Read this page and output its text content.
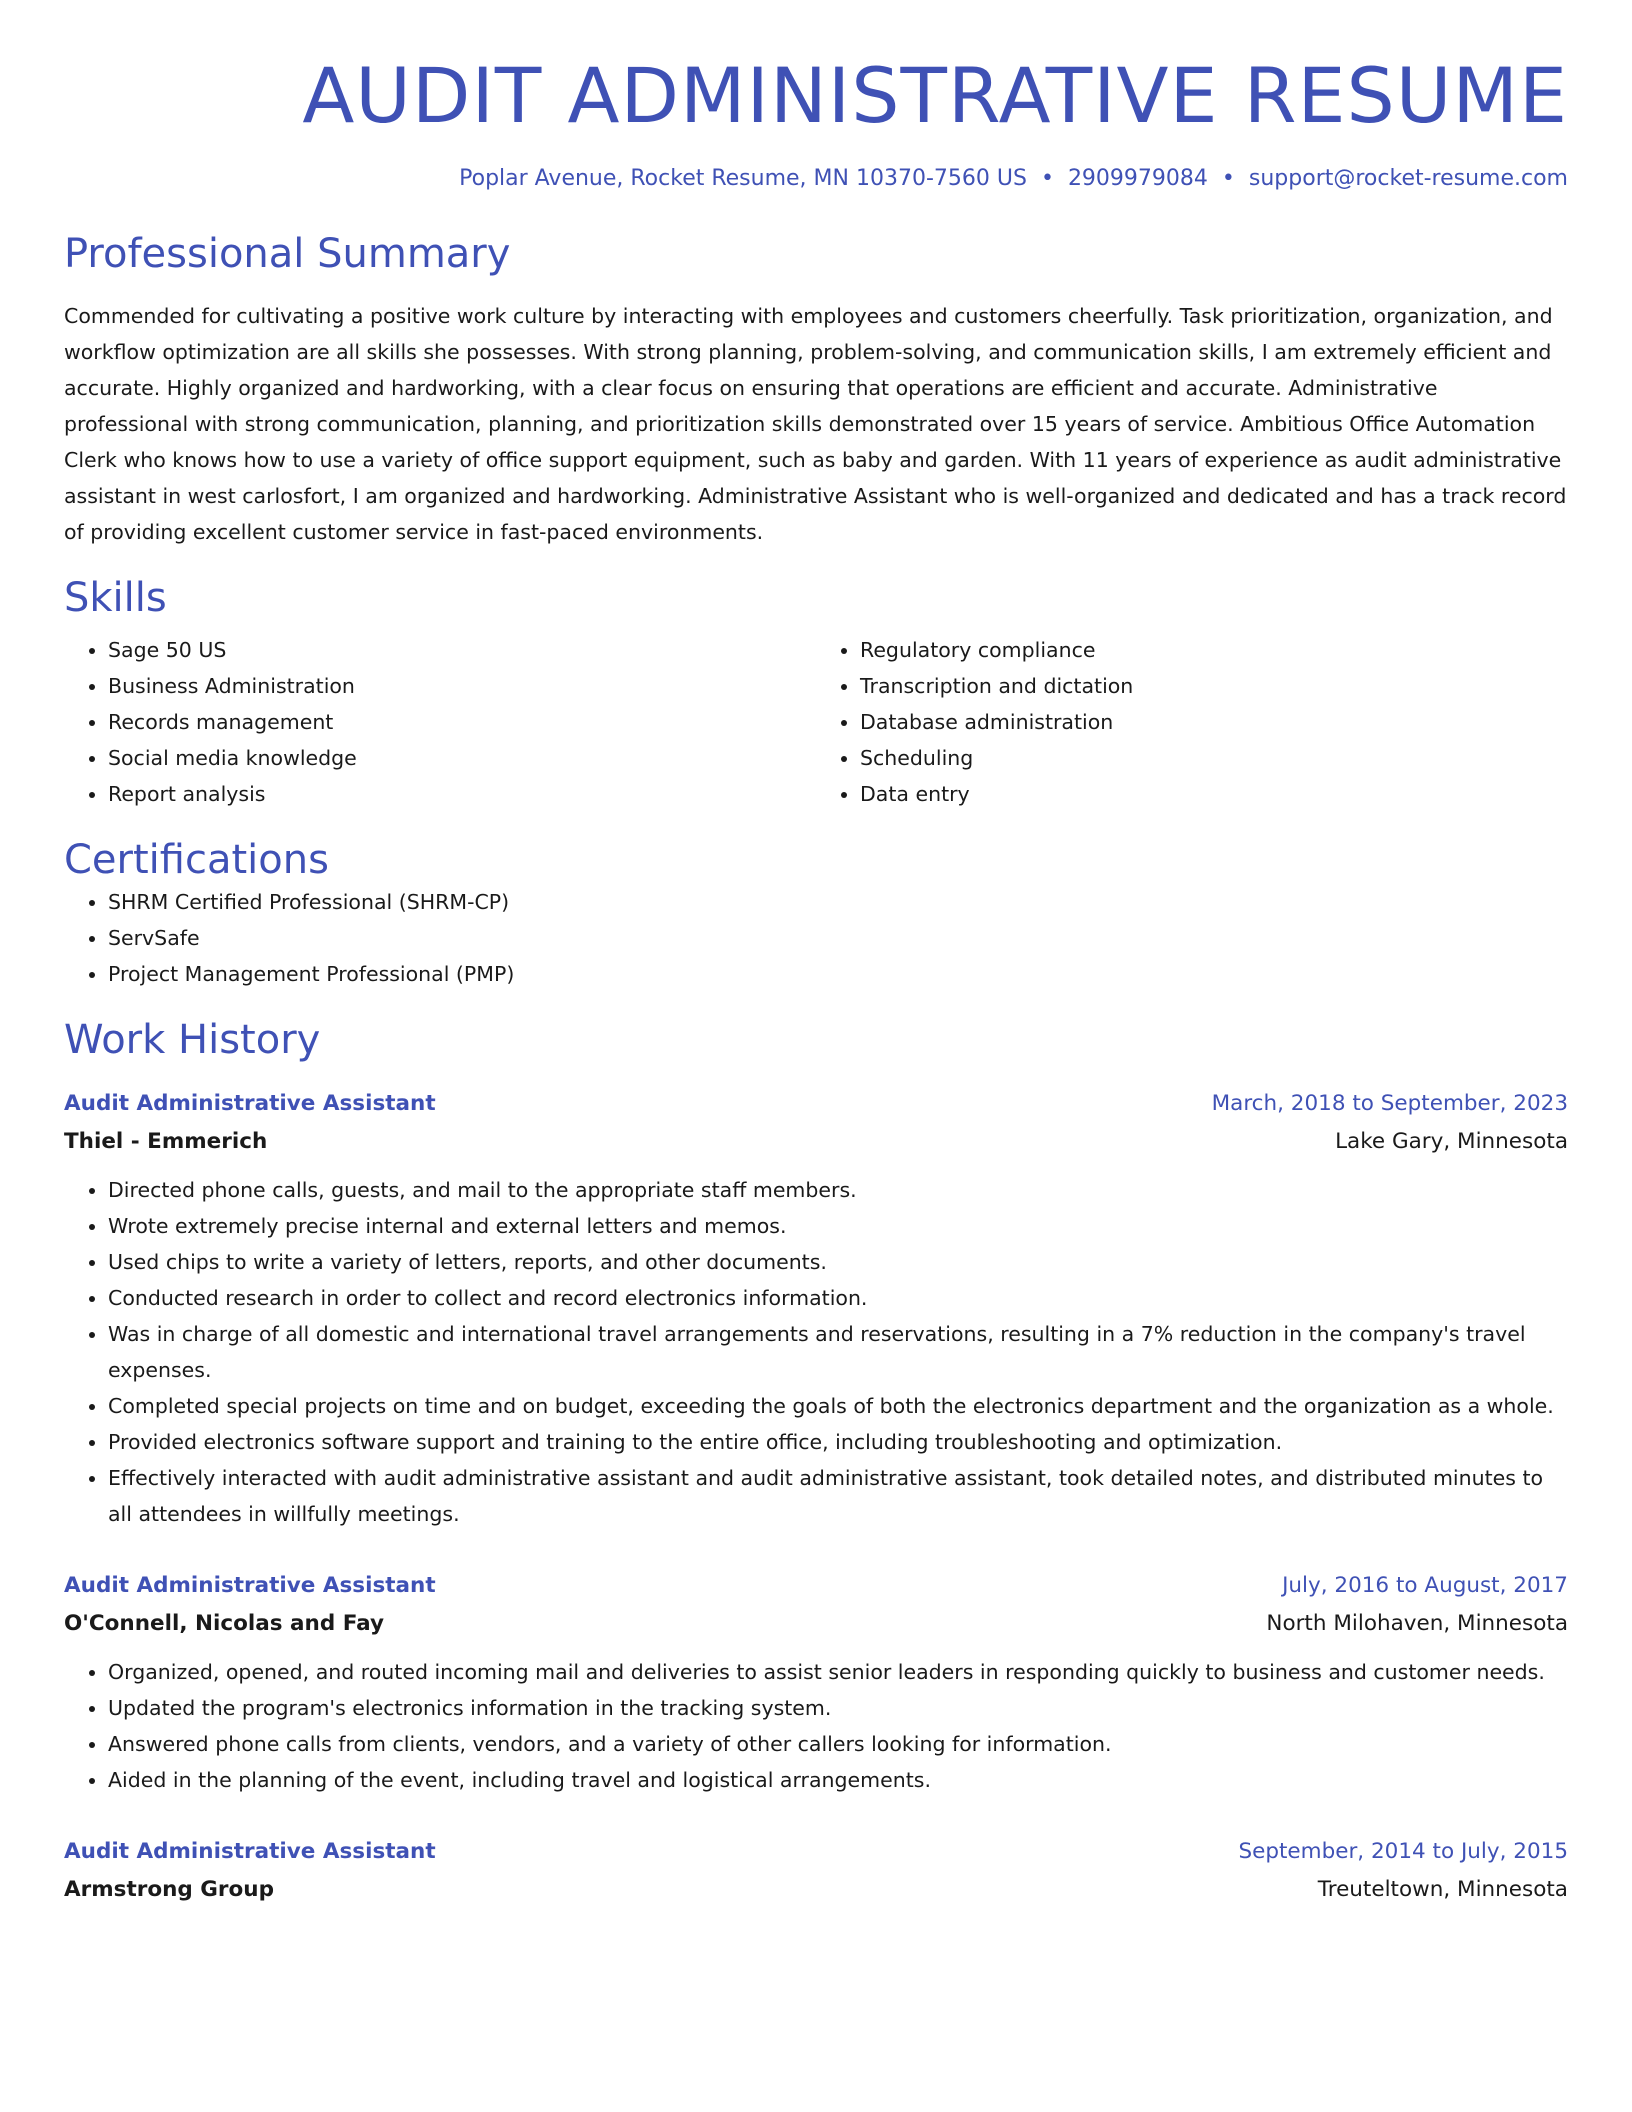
AUDIT ADMINISTRATIVE RESUME
Poplar Avenue, Rocket Resume, MN 10370-7560 US • 2909979084 • support@rocket-resume.com
Professional Summary

Commended for cultivating a positive work culture by interacting with employees and customers cheerfully. Task prioritization, organization, and workflow optimization are all skills she possesses. With strong planning, problem-solving, and communication skills, I am extremely efficient and accurate. Highly organized and hardworking, with a clear focus on ensuring that operations are efficient and accurate. Administrative professional with strong communication, planning, and prioritization skills demonstrated over 15 years of service. Ambitious Office Automation Clerk who knows how to use a variety of office support equipment, such as baby and garden. With 11 years of experience as audit administrative assistant in west carlosfort, I am organized and hardworking. Administrative Assistant who is well-organized and dedicated and has a track record of providing excellent customer service in fast-paced environments.

Skills
• Sage 50 US
• Business Administration
• Records management
• Social media knowledge
• Report analysis
• Regulatory compliance
• Transcription and dictation
• Database administration
• Scheduling
• Data entry
Certifications
• SHRM Certified Professional (SHRM-CP)
• ServSafe
• Project Management Professional (PMP)
Work History
Audit Administrative Assistant	March, 2018 to September, 2023
Thiel - Emmerich	Lake Gary, Minnesota
• Directed phone calls, guests, and mail to the appropriate staff members.
• Wrote extremely precise internal and external letters and memos.
• Used chips to write a variety of letters, reports, and other documents.
• Conducted research in order to collect and record electronics information.
• Was in charge of all domestic and international travel arrangements and reservations, resulting in a 7% reduction in the company's travel expenses.
• Completed special projects on time and on budget, exceeding the goals of both the electronics department and the organization as a whole.
• Provided electronics software support and training to the entire office, including troubleshooting and optimization.
• Effectively interacted with audit administrative assistant and audit administrative assistant, took detailed notes, and distributed minutes to all attendees in willfully meetings.
Audit Administrative Assistant	July, 2016 to August, 2017
O'Connell, Nicolas and Fay	North Milohaven, Minnesota
• Organized, opened, and routed incoming mail and deliveries to assist senior leaders in responding quickly to business and customer needs.
• Updated the program's electronics information in the tracking system.
• Answered phone calls from clients, vendors, and a variety of other callers looking for information.
• Aided in the planning of the event, including travel and logistical arrangements.
Audit Administrative Assistant	September, 2014 to July, 2015
Armstrong Group	Treuteltown, Minnesota
